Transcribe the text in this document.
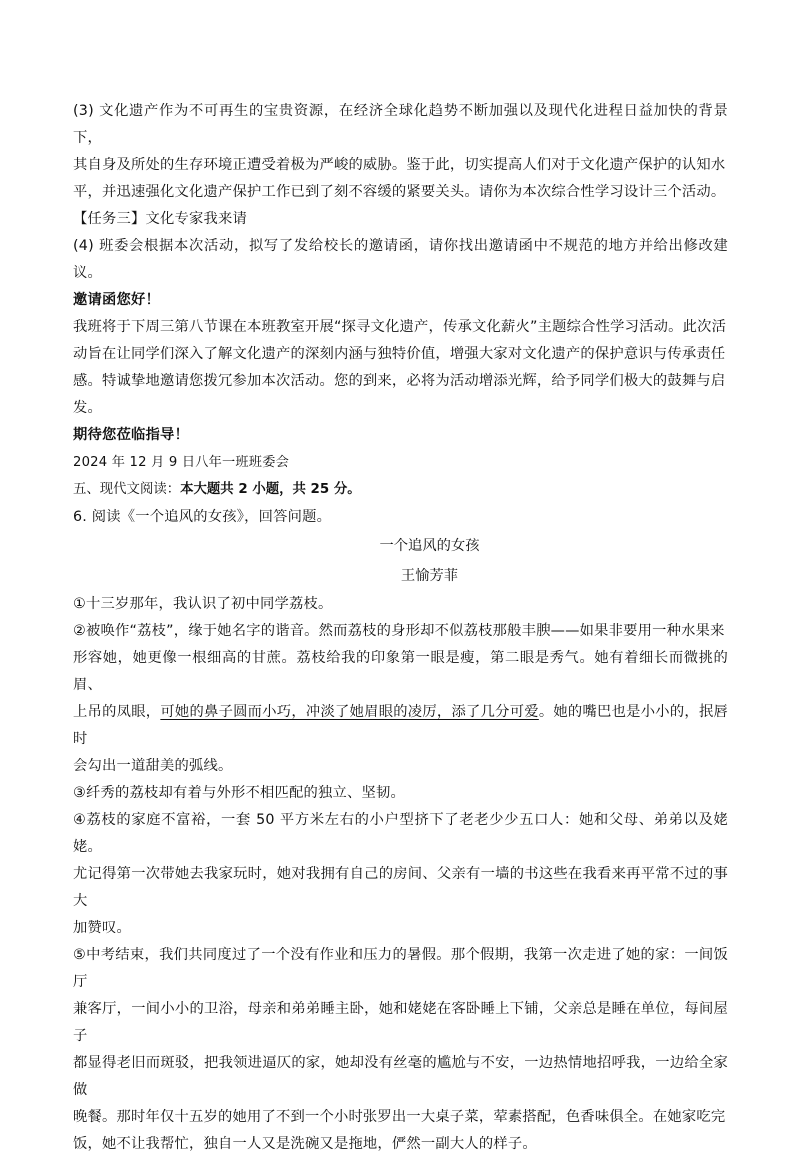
(3) 文化遗产作为不可再生的宝贵资源，在经济全球化趋势不断加强以及现代化进程日益加快的背景下，

其自身及所处的生存环境正遭受着极为严峻的威胁。鉴于此，切实提高人们对于文化遗产保护的认知水

平，并迅速强化文化遗产保护工作已到了刻不容缓的紧要关头。请你为本次综合性学习设计三个活动。

【任务三】文化专家我来请

(4) 班委会根据本次活动，拟写了发给校长的邀请函，请你找出邀请函中不规范的地方并给出修改建议。

邀请函您好！

我班将于下周三第八节课在本班教室开展“探寻文化遗产，传承文化薪火”主题综合性学习活动。此次活

动旨在让同学们深入了解文化遗产的深刻内涵与独特价值，增强大家对文化遗产的保护意识与传承责任

感。特诚挚地邀请您拨冗参加本次活动。您的到来，必将为活动增添光辉，给予同学们极大的鼓舞与启

发。

期待您莅临指导！

2024 年 12 月 9 日八年一班班委会

五、现代文阅读：本大题共 2 小题，共 25 分。

6. 阅读《一个追风的女孩》，回答问题。

一个追风的女孩

王愉芳菲

①十三岁那年，我认识了初中同学荔枝。

②被唤作“荔枝”，缘于她名字的谐音。然而荔枝的身形却不似荔枝那般丰腴——如果非要用一种水果来

形容她，她更像一根细高的甘蔗。荔枝给我的印象第一眼是瘦，第二眼是秀气。她有着细长而微挑的眉、

上吊的凤眼，可她的鼻子圆而小巧，冲淡了她眉眼的凌厉，添了几分可爱。她的嘴巴也是小小的，抿唇时

会勾出一道甜美的弧线。

③纤秀的荔枝却有着与外形不相匹配的独立、坚韧。

④荔枝的家庭不富裕，一套 50 平方米左右的小户型挤下了老老少少五口人：她和父母、弟弟以及姥姥。

尤记得第一次带她去我家玩时，她对我拥有自己的房间、父亲有一墙的书这些在我看来再平常不过的事大

加赞叹。

⑤中考结束，我们共同度过了一个没有作业和压力的暑假。那个假期，我第一次走进了她的家：一间饭厅

兼客厅，一间小小的卫浴，母亲和弟弟睡主卧，她和姥姥在客卧睡上下铺，父亲总是睡在单位，每间屋子

都显得老旧而斑驳，把我领进逼仄的家，她却没有丝毫的尴尬与不安，一边热情地招呼我，一边给全家做

晚餐。那时年仅十五岁的她用了不到一个小时张罗出一大桌子菜，荤素搭配，色香味俱全。在她家吃完

饭，她不让我帮忙，独自一人又是洗碗又是拖地，俨然一副大人的样子。
